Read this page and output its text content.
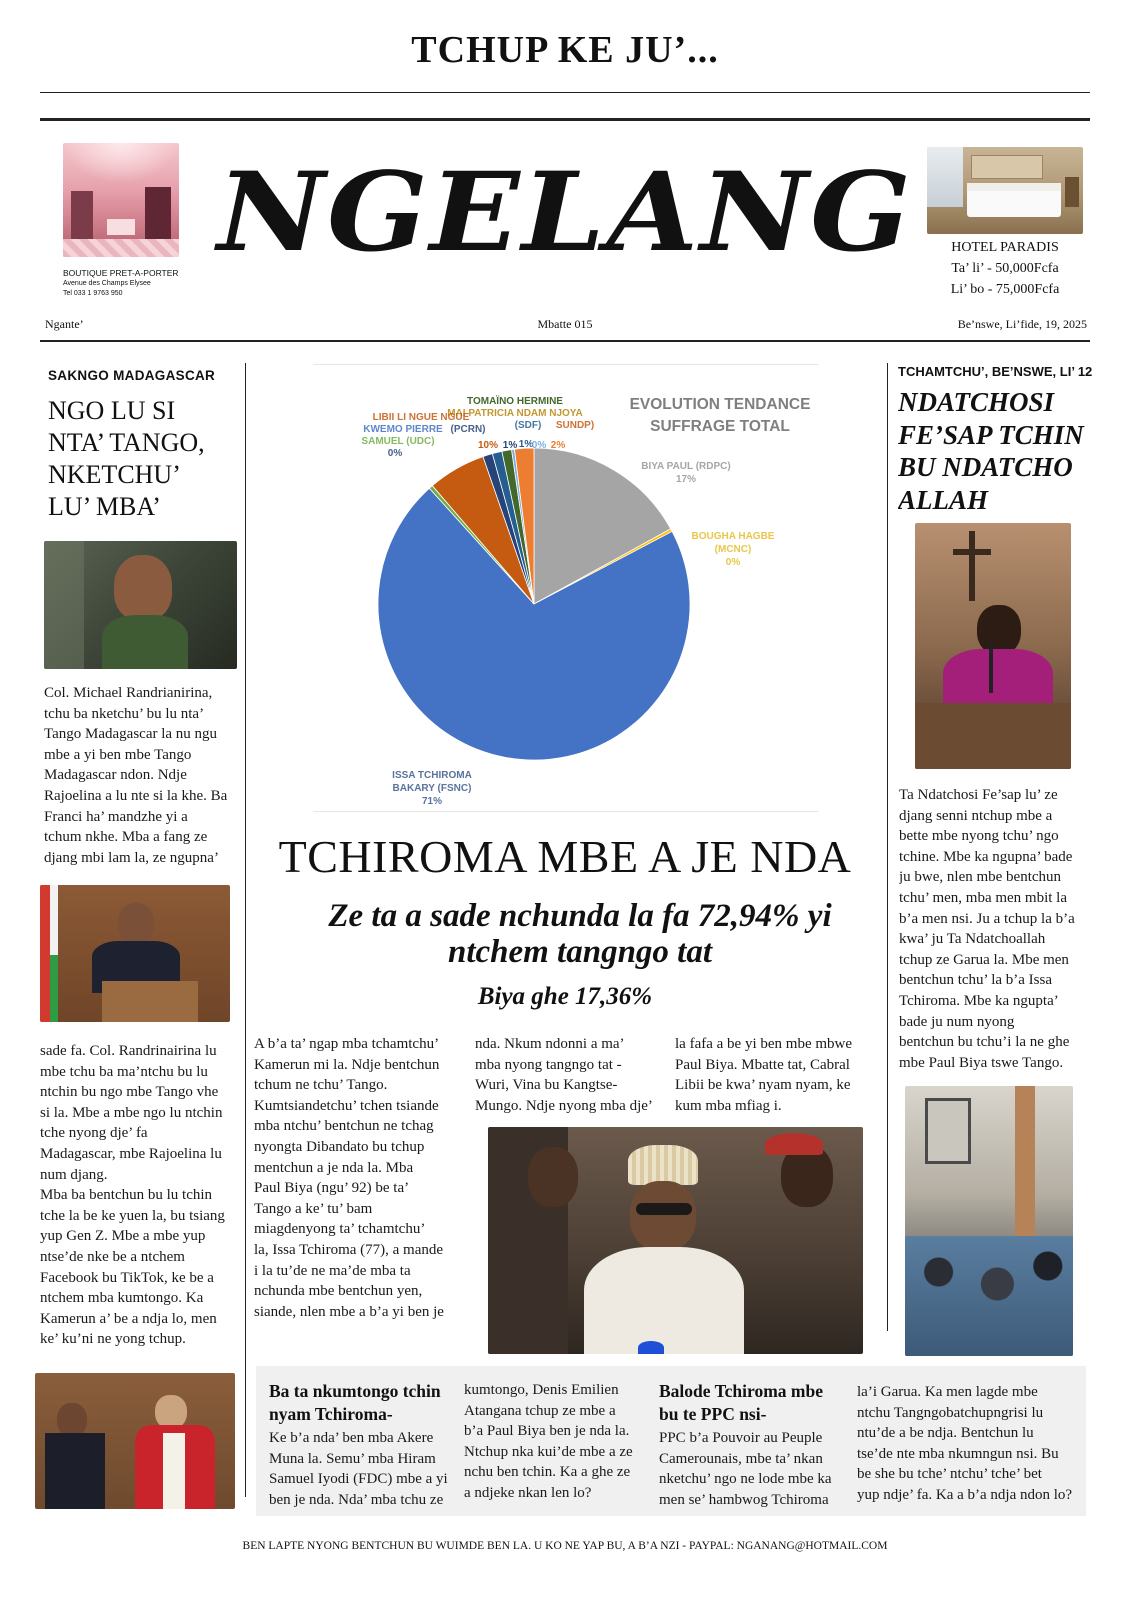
TCHUP KE JU’...
BOUTIQUE PRET-A-PORTER
Avenue des Champs Elysee
Tel 033 1 9763 950
NGELANG	HOTEL PARADIS
Ta’ li’ - 50,000Fcfa
Li’ bo - 75,000Fcfa
Ngante’	Mbatte 015	Be’nswe, Li’fide, 19, 2025
SAKNGO MADAGASCAR
NGO LU SI
NTA’ TANGO,
NKETCHU’
LU’ MBA’

Col. Michael Randrianirina,

tchu ba nketchu’ bu lu nta’

Tango Madagascar la nu ngu

mbe a yi ben mbe Tango

Madagascar ndon. Ndje

Rajoelina a lu nte si la khe. Ba

Franci ha’ mandzhe yi a

tchum nkhe. Mba a fang ze

djang mbi lam la, ze ngupna’

sade fa. Col. Randrinairina lu

mbe tchu ba ma’ntchu bu lu

ntchin bu ngo mbe Tango vhe

si la. Mbe a mbe ngo lu ntchin

tche nyong dje’ fa

Madagascar, mbe Rajoelina lu

num djang.

Mba ba bentchun bu lu tchin

tche la be ke yuen la, bu tsiang

yup Gen Z. Mbe a mbe yup

ntse’de nke be a ntchem

Facebook bu TikTok, ke be a

ntchem mba kumtongo. Ka

Kamerun a’ be a ndja lo, men

ke’ ku’ni ne yong tchup.

EVOLUTION TENDANCE
SUFFRAGE TOTAL
BIYA PAUL (RDPC)
17%
BOUGHA HAGBE
(MCNC)
0%
ISSA TCHIROMA
BAKARY (FSNC)
71%
TOMAÏNO HERMINE
MAI PATRICIA NDAM NJOYA
LIBII LI NGUE NGUE
KWEMO PIERRE
SAMUEL (UDC)
0%
(PCRN)	(SDF) SUNDP)
10% 1% 1%
0% 2%
TCHIROMA MBE A JE NDA
Ze ta a sade nchunda la fa 72,94% yi ntchem tangngo tat
Biya ghe 17,36%

A b’a ta’ ngap mba tchamtchu’

Kamerun mi la. Ndje bentchun

tchum ne tchu’ Tango.

Kumtsiandetchu’ tchen tsiande

mba ntchu’ bentchun ne tchag

nyongta Dibandato bu tchup

mentchun a je nda la. Mba

Paul Biya (ngu’ 92) be ta’

Tango a ke’ tu’ bam

miagdenyong ta’ tchamtchu’

la, Issa Tchiroma (77), a mande

i la tu’de ne ma’de mba ta

nchunda mbe bentchun yen,

siande, nlen mbe a b’a yi ben je

nda. Nkum ndonni a ma’

mba nyong tangngo tat -

Wuri, Vina bu Kangtse-

Mungo. Ndje nyong mba dje’

la fafa a be yi ben mbe mbwe

Paul Biya. Mbatte tat, Cabral

Libii be kwa’ nyam nyam, ke

kum mba mfiag i.

TCHAMTCHU’, BE’NSWE, LI’ 12
NDATCHOSI
FE’SAP TCHIN
BU NDATCHO
ALLAH

Ta Ndatchosi Fe’sap lu’ ze

djang senni ntchup mbe a

bette mbe nyong tchu’ ngo

tchine. Mbe ka ngupna’ bade

ju bwe, nlen mbe bentchun

tchu’ men, mba men mbit la

b’a men nsi. Ju a tchup la b’a

kwa’ ju Ta Ndatchoallah

tchup ze Garua la. Mbe men

bentchun tchu’ la b’a Issa

Tchiroma. Mbe ka ngupta’

bade ju num nyong

bentchun bu tchu’i la ne ghe

mbe Paul Biya tswe Tango.

Ba ta nkumtongo tchin
nyam Tchiroma-

Ke b’a nda’ ben mba Akere

Muna la. Semu’ mba Hiram

Samuel Iyodi (FDC) mbe a yi

ben je nda. Nda’ mba tchu ze

kumtongo, Denis Emilien

Atangana tchup ze mbe a

b’a Paul Biya ben je nda la.

Ntchup nka kui’de mbe a ze

nchu ben tchin. Ka a ghe ze

a ndjeke nkan len lo?

Balode Tchiroma mbe
bu te PPC nsi-

PPC b’a Pouvoir au Peuple

Camerounais, mbe ta’ nkan

nketchu’ ngo ne lode mbe ka

men se’ hambwog Tchiroma

la’i Garua. Ka men lagde mbe

ntchu Tangngobatchupngrisi lu

ntu’de a be ndja. Bentchun lu

tse’de nte mba nkumngun nsi. Bu

be she bu tche’ ntchu’ tche’ bet

yup ndje’ fa. Ka a b’a ndja ndon lo?

BEN LAPTE NYONG BENTCHUN BU WUIMDE BEN LA. U KO NE YAP BU, A B’A NZI - PAYPAL: NGANANG@HOTMAIL.COM
